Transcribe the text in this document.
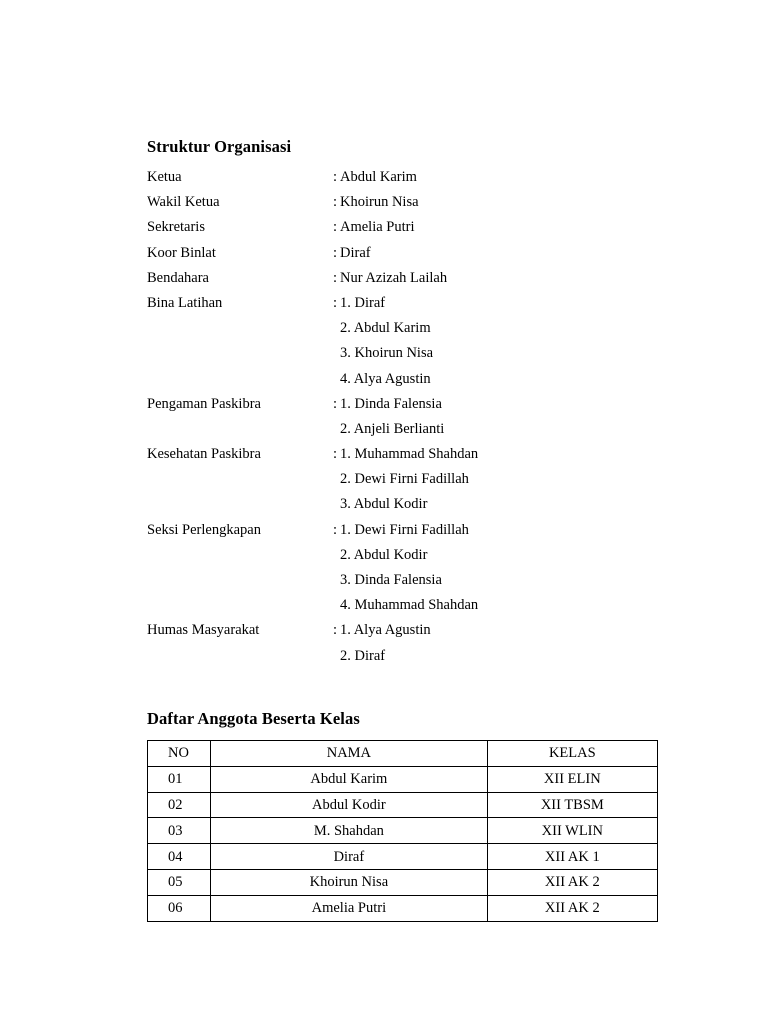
Struktur Organisasi
Ketua	: Abdul Karim
Wakil Ketua	: Khoirun Nisa
Sekretaris	: Amelia Putri
Koor Binlat	: Diraf
Bendahara	: Nur Azizah Lailah
Bina Latihan	: 1. Diraf
2. Abdul Karim
3. Khoirun Nisa
4. Alya Agustin
Pengaman Paskibra	: 1. Dinda Falensia
2. Anjeli Berlianti
Kesehatan Paskibra	: 1. Muhammad Shahdan
2. Dewi Firni Fadillah
3. Abdul Kodir
Seksi Perlengkapan	: 1. Dewi Firni Fadillah
2. Abdul Kodir
3. Dinda Falensia
4. Muhammad Shahdan
Humas Masyarakat	: 1. Alya Agustin
2. Diraf
Daftar Anggota Beserta Kelas
NO	NAMA	KELAS
01	Abdul Karim	XII ELIN
02	Abdul Kodir	XII TBSM
03	M. Shahdan	XII WLIN
04	Diraf	XII AK 1
05	Khoirun Nisa	XII AK 2
06	Amelia Putri	XII AK 2
